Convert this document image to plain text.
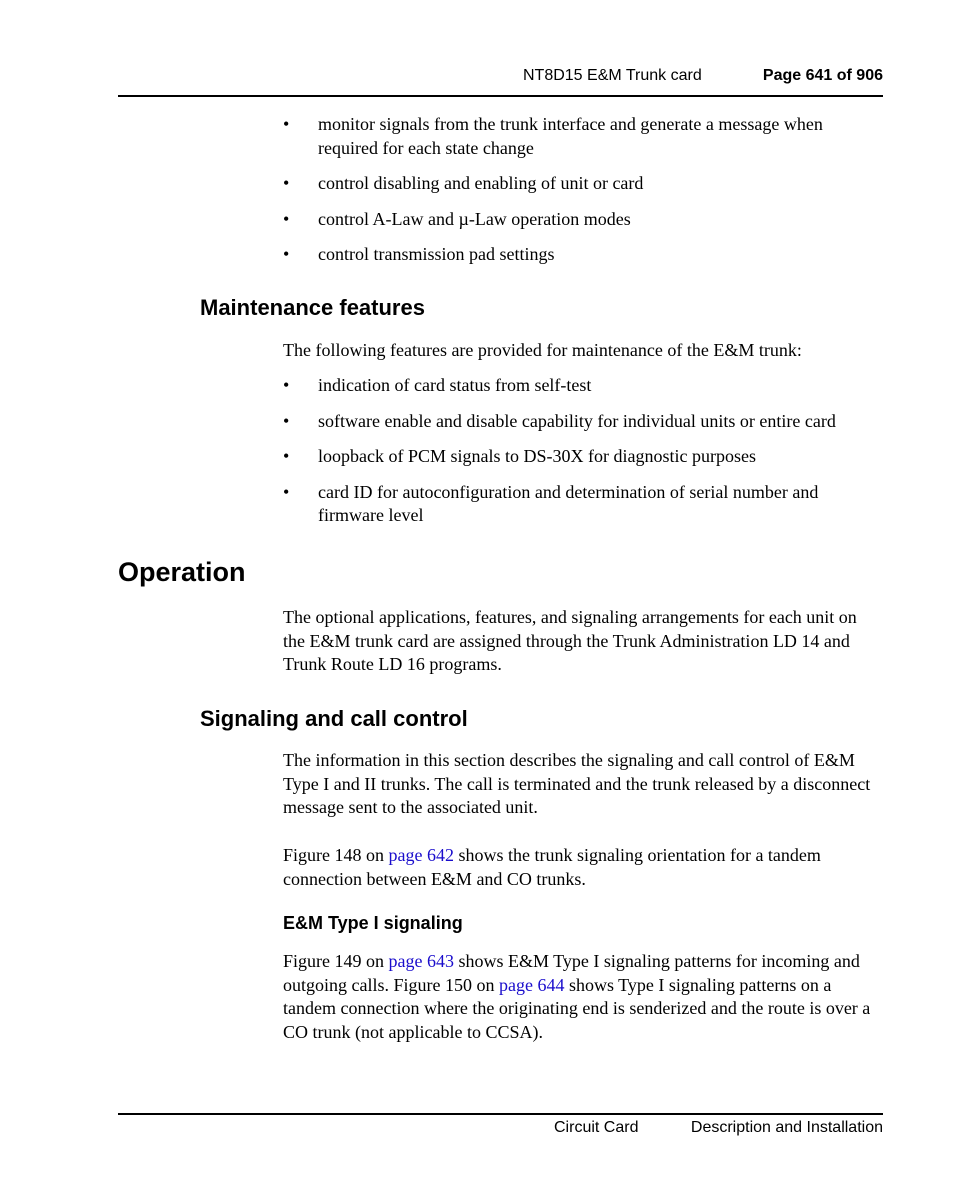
NT8D15 E&M Trunk card	Page 641 of 906
• monitor signals from the trunk interface and generate a message when required for each state change
• control disabling and enabling of unit or card
• control A-Law and µ-Law operation modes
• control transmission pad settings
Maintenance features

The following features are provided for maintenance of the E&M trunk:

• indication of card status from self-test
• software enable and disable capability for individual units or entire card
• loopback of PCM signals to DS-30X for diagnostic purposes
• card ID for autoconfiguration and determination of serial number and firmware level
Operation

The optional applications, features, and signaling arrangements for each unit on the E&M trunk card are assigned through the Trunk Administration LD 14 and Trunk Route LD 16 programs.

Signaling and call control

The information in this section describes the signaling and call control of E&M Type I and II trunks. The call is terminated and the trunk released by a disconnect message sent to the associated unit.

Figure 148 on page 642 shows the trunk signaling orientation for a tandem connection between E&M and CO trunks.

E&M Type I signaling

Figure 149 on page 643 shows E&M Type I signaling patterns for incoming and outgoing calls. Figure 150 on page 644 shows Type I signaling patterns on a tandem connection where the originating end is senderized and the route is over a CO trunk (not applicable to CCSA).

Circuit Card	Description and Installation
